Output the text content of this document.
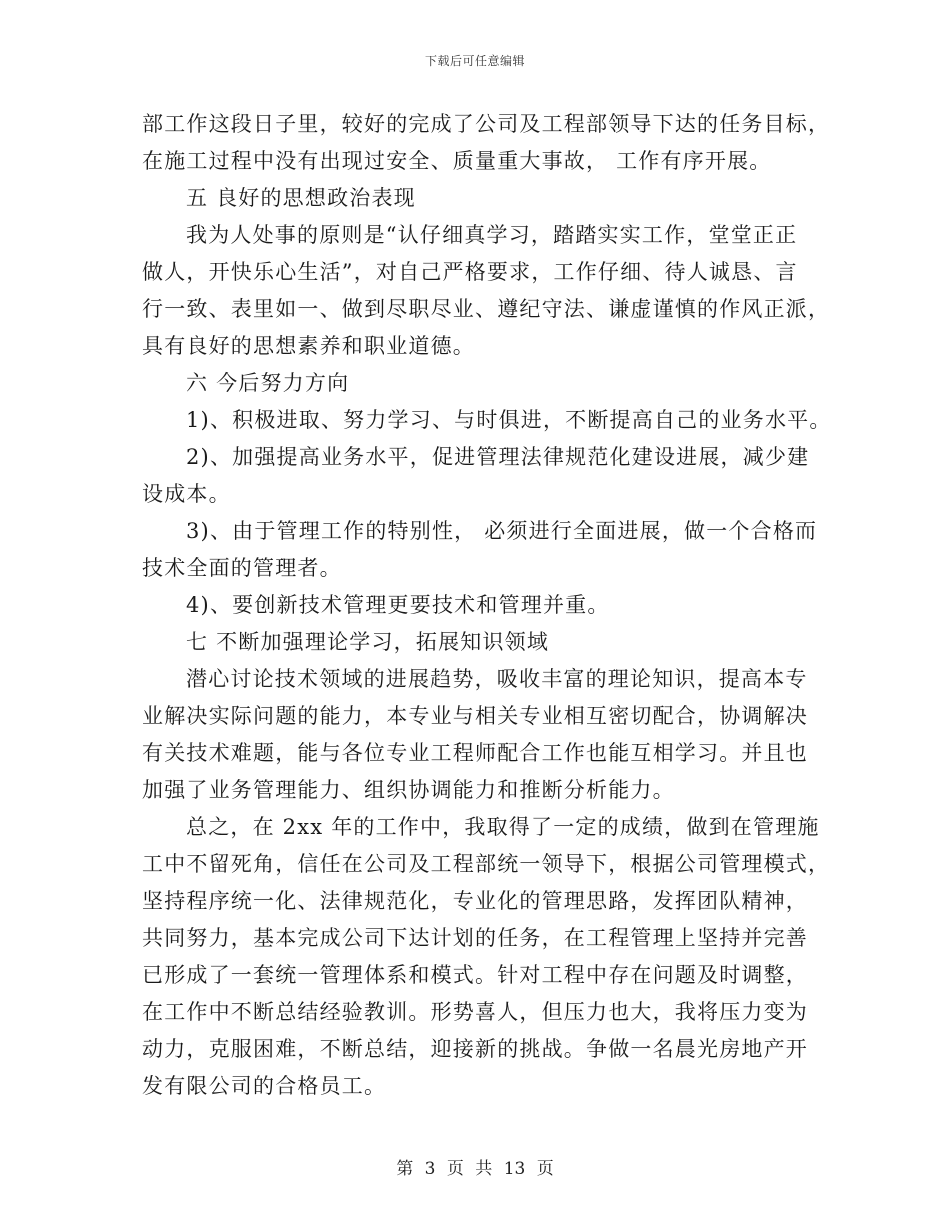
下载后可任意编辑
部工作这段日子里，较好的完成了公司及工程部领导下达的任务目标，
在施工过程中没有出现过安全、质量重大事故， 工作有序开展。
五 良好的思想政治表现
我为人处事的原则是“认仔细真学习，踏踏实实工作，堂堂正正
做人，开快乐心生活”，对自己严格要求，工作仔细、待人诚恳、言
行一致、表里如一、做到尽职尽业、遵纪守法、谦虚谨慎的作风正派，
具有良好的思想素养和职业道德。
六 今后努力方向
1)、积极进取、努力学习、与时俱进，不断提高自己的业务水平。
2)、加强提高业务水平，促进管理法律规范化建设进展，减少建
设成本。
3)、由于管理工作的特别性， 必须进行全面进展，做一个合格而
技术全面的管理者。
4)、要创新技术管理更要技术和管理并重。
七 不断加强理论学习，拓展知识领域
潜心讨论技术领域的进展趋势，吸收丰富的理论知识，提高本专
业解决实际问题的能力，本专业与相关专业相互密切配合，协调解决
有关技术难题，能与各位专业工程师配合工作也能互相学习。并且也
加强了业务管理能力、组织协调能力和推断分析能力。
总之，在 2xx 年的工作中，我取得了一定的成绩，做到在管理施
工中不留死角，信任在公司及工程部统一领导下，根据公司管理模式，
坚持程序统一化、法律规范化，专业化的管理思路，发挥团队精神，
共同努力，基本完成公司下达计划的任务，在工程管理上坚持并完善
已形成了一套统一管理体系和模式。针对工程中存在问题及时调整，
在工作中不断总结经验教训。形势喜人，但压力也大，我将压力变为
动力，克服困难，不断总结，迎接新的挑战。争做一名晨光房地产开
发有限公司的合格员工。
第 3 页 共 13 页
